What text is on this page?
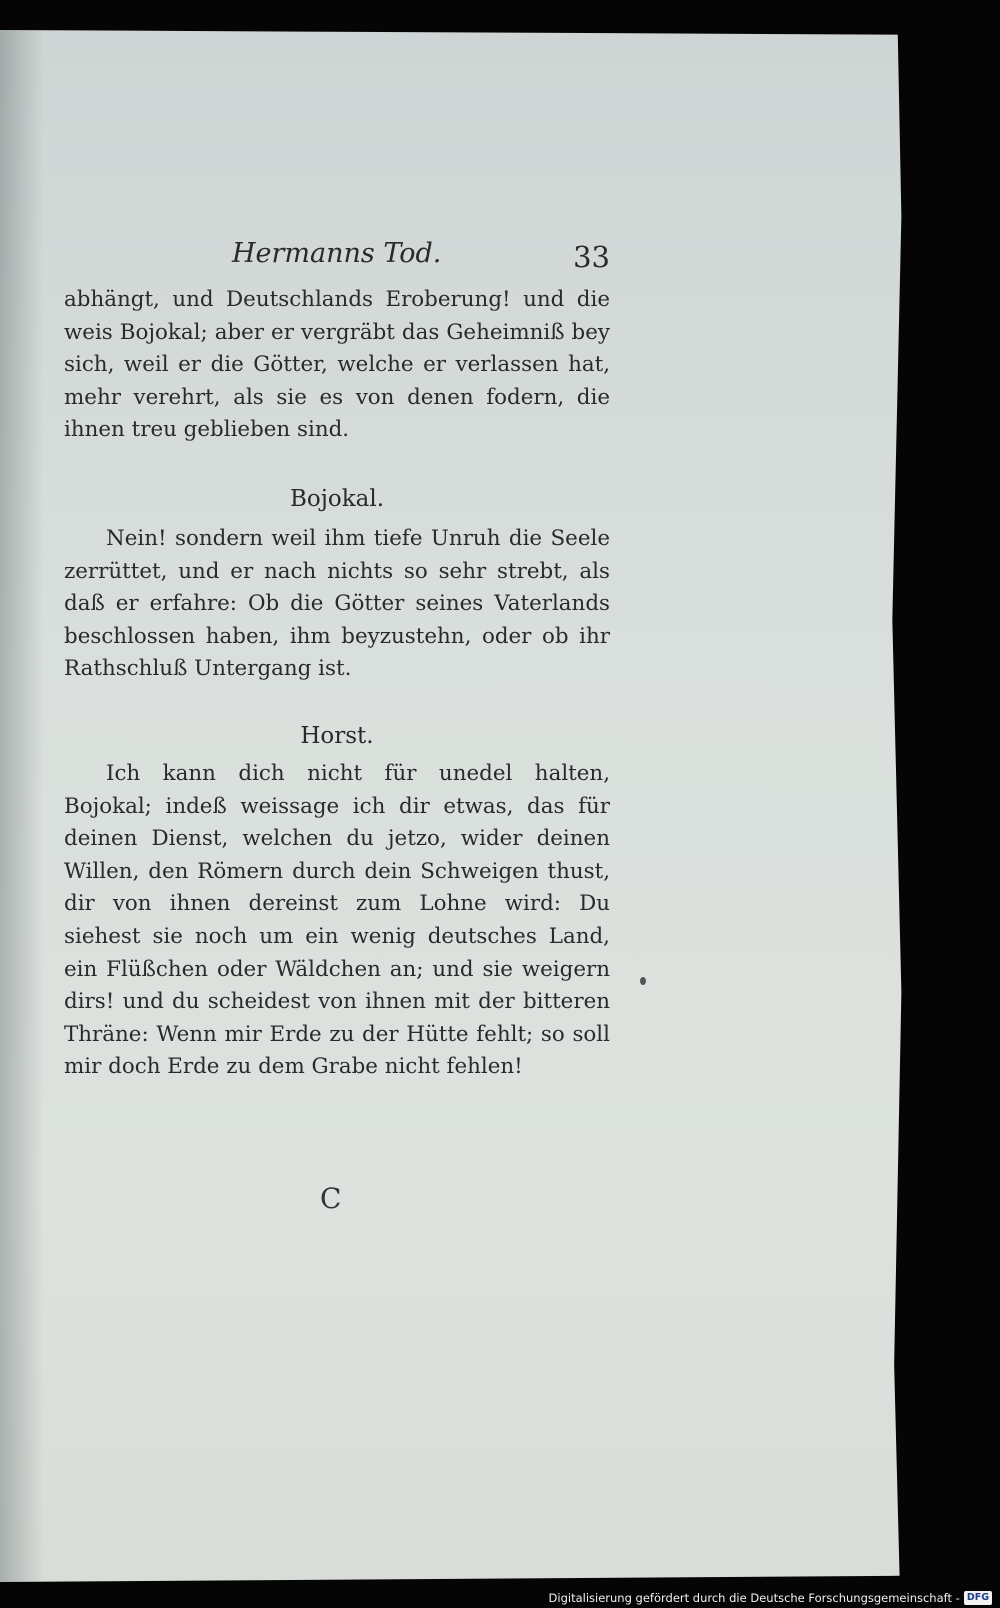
Hermanns Tod.	33

abhängt, und Deutschlands Eroberung! und die weis Bojokal; aber er vergräbt das Geheimniß bey sich, weil er die Götter, welche er verlassen hat, mehr verehrt, als sie es von denen fodern, die ihnen treu geblieben sind.

Bojokal.

Nein! sondern weil ihm tiefe Unruh die Seele zerrüttet, und er nach nichts so sehr strebt, als daß er erfahre: Ob die Götter seines Vaterlands beschlossen haben, ihm beyzustehn, oder ob ihr Rathschluß Untergang ist.

Horst.

Ich kann dich nicht für unedel halten, Bojokal; indeß weissage ich dir etwas, das für deinen Dienst, welchen du jetzo, wider deinen Willen, den Römern durch dein Schweigen thust, dir von ihnen dereinst zum Lohne wird: Du siehest sie noch um ein wenig deutsches Land, ein Flüßchen oder Wäldchen an; und sie weigern dirs! und du scheidest von ihnen mit der bitteren Thräne: Wenn mir Erde zu der Hütte fehlt; so soll mir doch Erde zu dem Grabe nicht fehlen!

C
Digitalisierung gefördert durch die Deutsche Forschungsgemeinschaft - DFG
